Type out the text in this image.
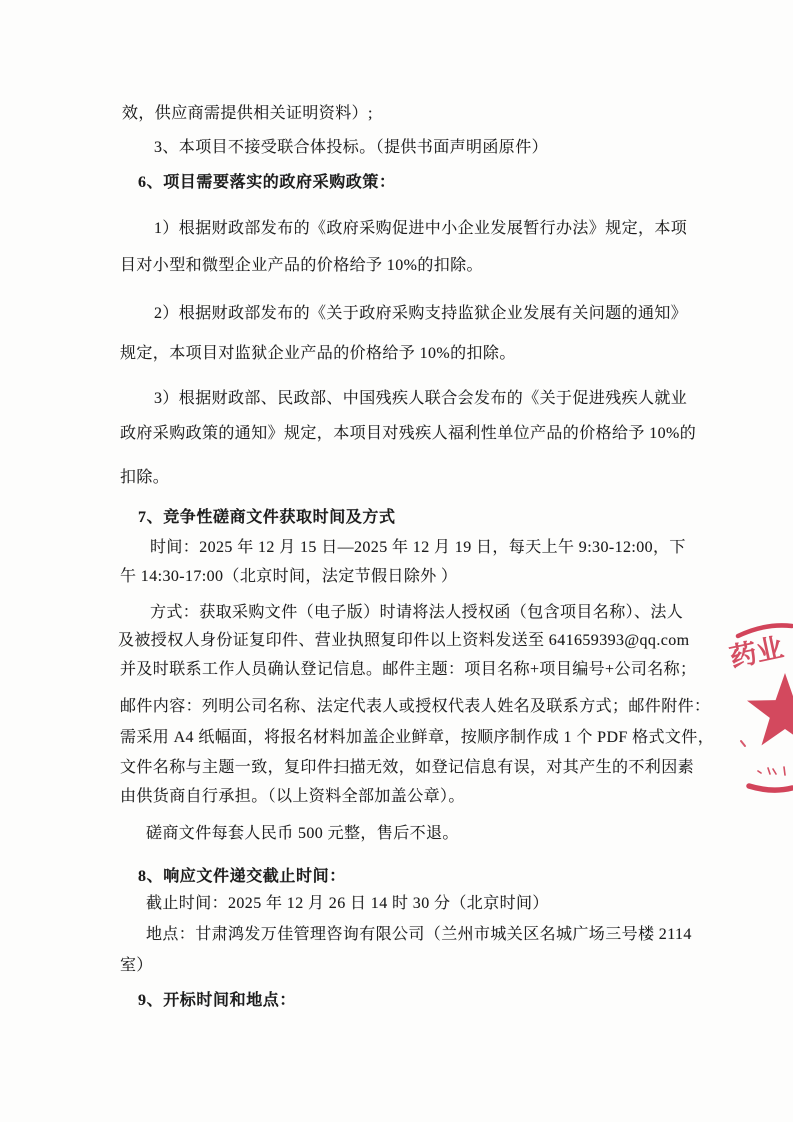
效，供应商需提供相关证明资料）;
3、本项目不接受联合体投标。（提供书面声明函原件）
6、项目需要落实的政府采购政策：
1）根据财政部发布的《政府采购促进中小企业发展暂行办法》规定，本项
目对小型和微型企业产品的价格给予 10%的扣除。
2）根据财政部发布的《关于政府采购支持监狱企业发展有关问题的通知》
规定，本项目对监狱企业产品的价格给予 10%的扣除。
3）根据财政部、民政部、中国残疾人联合会发布的《关于促进残疾人就业
政府采购政策的通知》规定，本项目对残疾人福利性单位产品的价格给予 10%的
扣除。
7、竞争性磋商文件获取时间及方式
时间：2025 年 12 月 15 日—2025 年 12 月 19 日，每天上午 9:30-12:00，下
午 14:30-17:00（北京时间，法定节假日除外 ）
方式：获取采购文件（电子版）时请将法人授权函（包含项目名称）、法人
及被授权人身份证复印件、营业执照复印件以上资料发送至 641659393@qq.com
并及时联系工作人员确认登记信息。邮件主题：项目名称+项目编号+公司名称；
邮件内容：列明公司名称、法定代表人或授权代表人姓名及联系方式；邮件附件：
需采用 A4 纸幅面，将报名材料加盖企业鲜章，按顺序制作成 1 个 PDF 格式文件，
文件名称与主题一致，复印件扫描无效，如登记信息有误，对其产生的不利因素
由供货商自行承担。（以上资料全部加盖公章）。
磋商文件每套人民币 500 元整，售后不退。
8、响应文件递交截止时间：
截止时间：2025 年 12 月 26 日 14 时 30 分（北京时间）
地点：甘肃鸿发万佳管理咨询有限公司（兰州市城关区名城广场三号楼 2114
室）
9、开标时间和地点：
药业
